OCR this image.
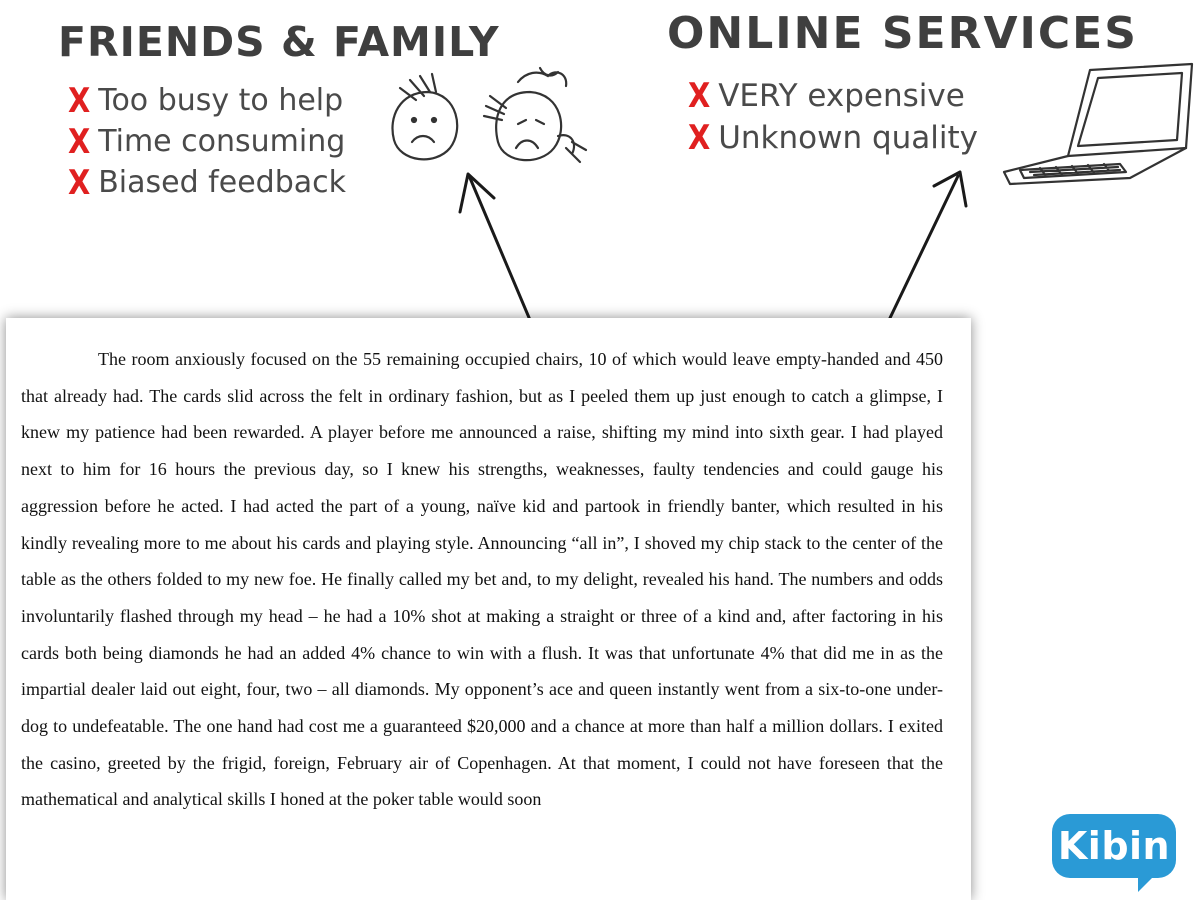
FRIENDS & FAMILY	ONLINE SERVICES
X Too busy to help
X Time consuming
X Biased feedback
X VERY expensive
X Unknown quality

The room anxiously focused on the 55 remaining occupied chairs, 10 of which would leave empty-handed and 450 that already had. The cards slid across the felt in ordinary fashion, but as I peeled them up just enough to catch a glimpse, I knew my patience had been rewarded. A player before me announced a raise, shifting my mind into sixth gear. I had played next to him for 16 hours the previous day, so I knew his strengths, weaknesses, faulty tendencies and could gauge his aggression before he acted. I had acted the part of a young, naïve kid and partook in friendly banter, which resulted in his kindly revealing more to me about his cards and playing style. Announcing “all in”, I shoved my chip stack to the center of the table as the others folded to my new foe. He finally called my bet and, to my delight, revealed his hand. The numbers and odds involuntarily flashed through my head – he had a 10% shot at making a straight or three of a kind and, after factoring in his cards both being diamonds he had an added 4% chance to win with a flush. It was that unfortunate 4% that did me in as the impartial dealer laid out eight, four, two – all diamonds. My opponent’s ace and queen instantly went from a six-to-one under-dog to undefeatable. The one hand had cost me a guaranteed $20,000 and a chance at more than half a million dollars. I exited the casino, greeted by the frigid, foreign, February air of Copenhagen. At that moment, I could not have foreseen that the mathematical and analytical skills I honed at the poker table would soon

Kibin
